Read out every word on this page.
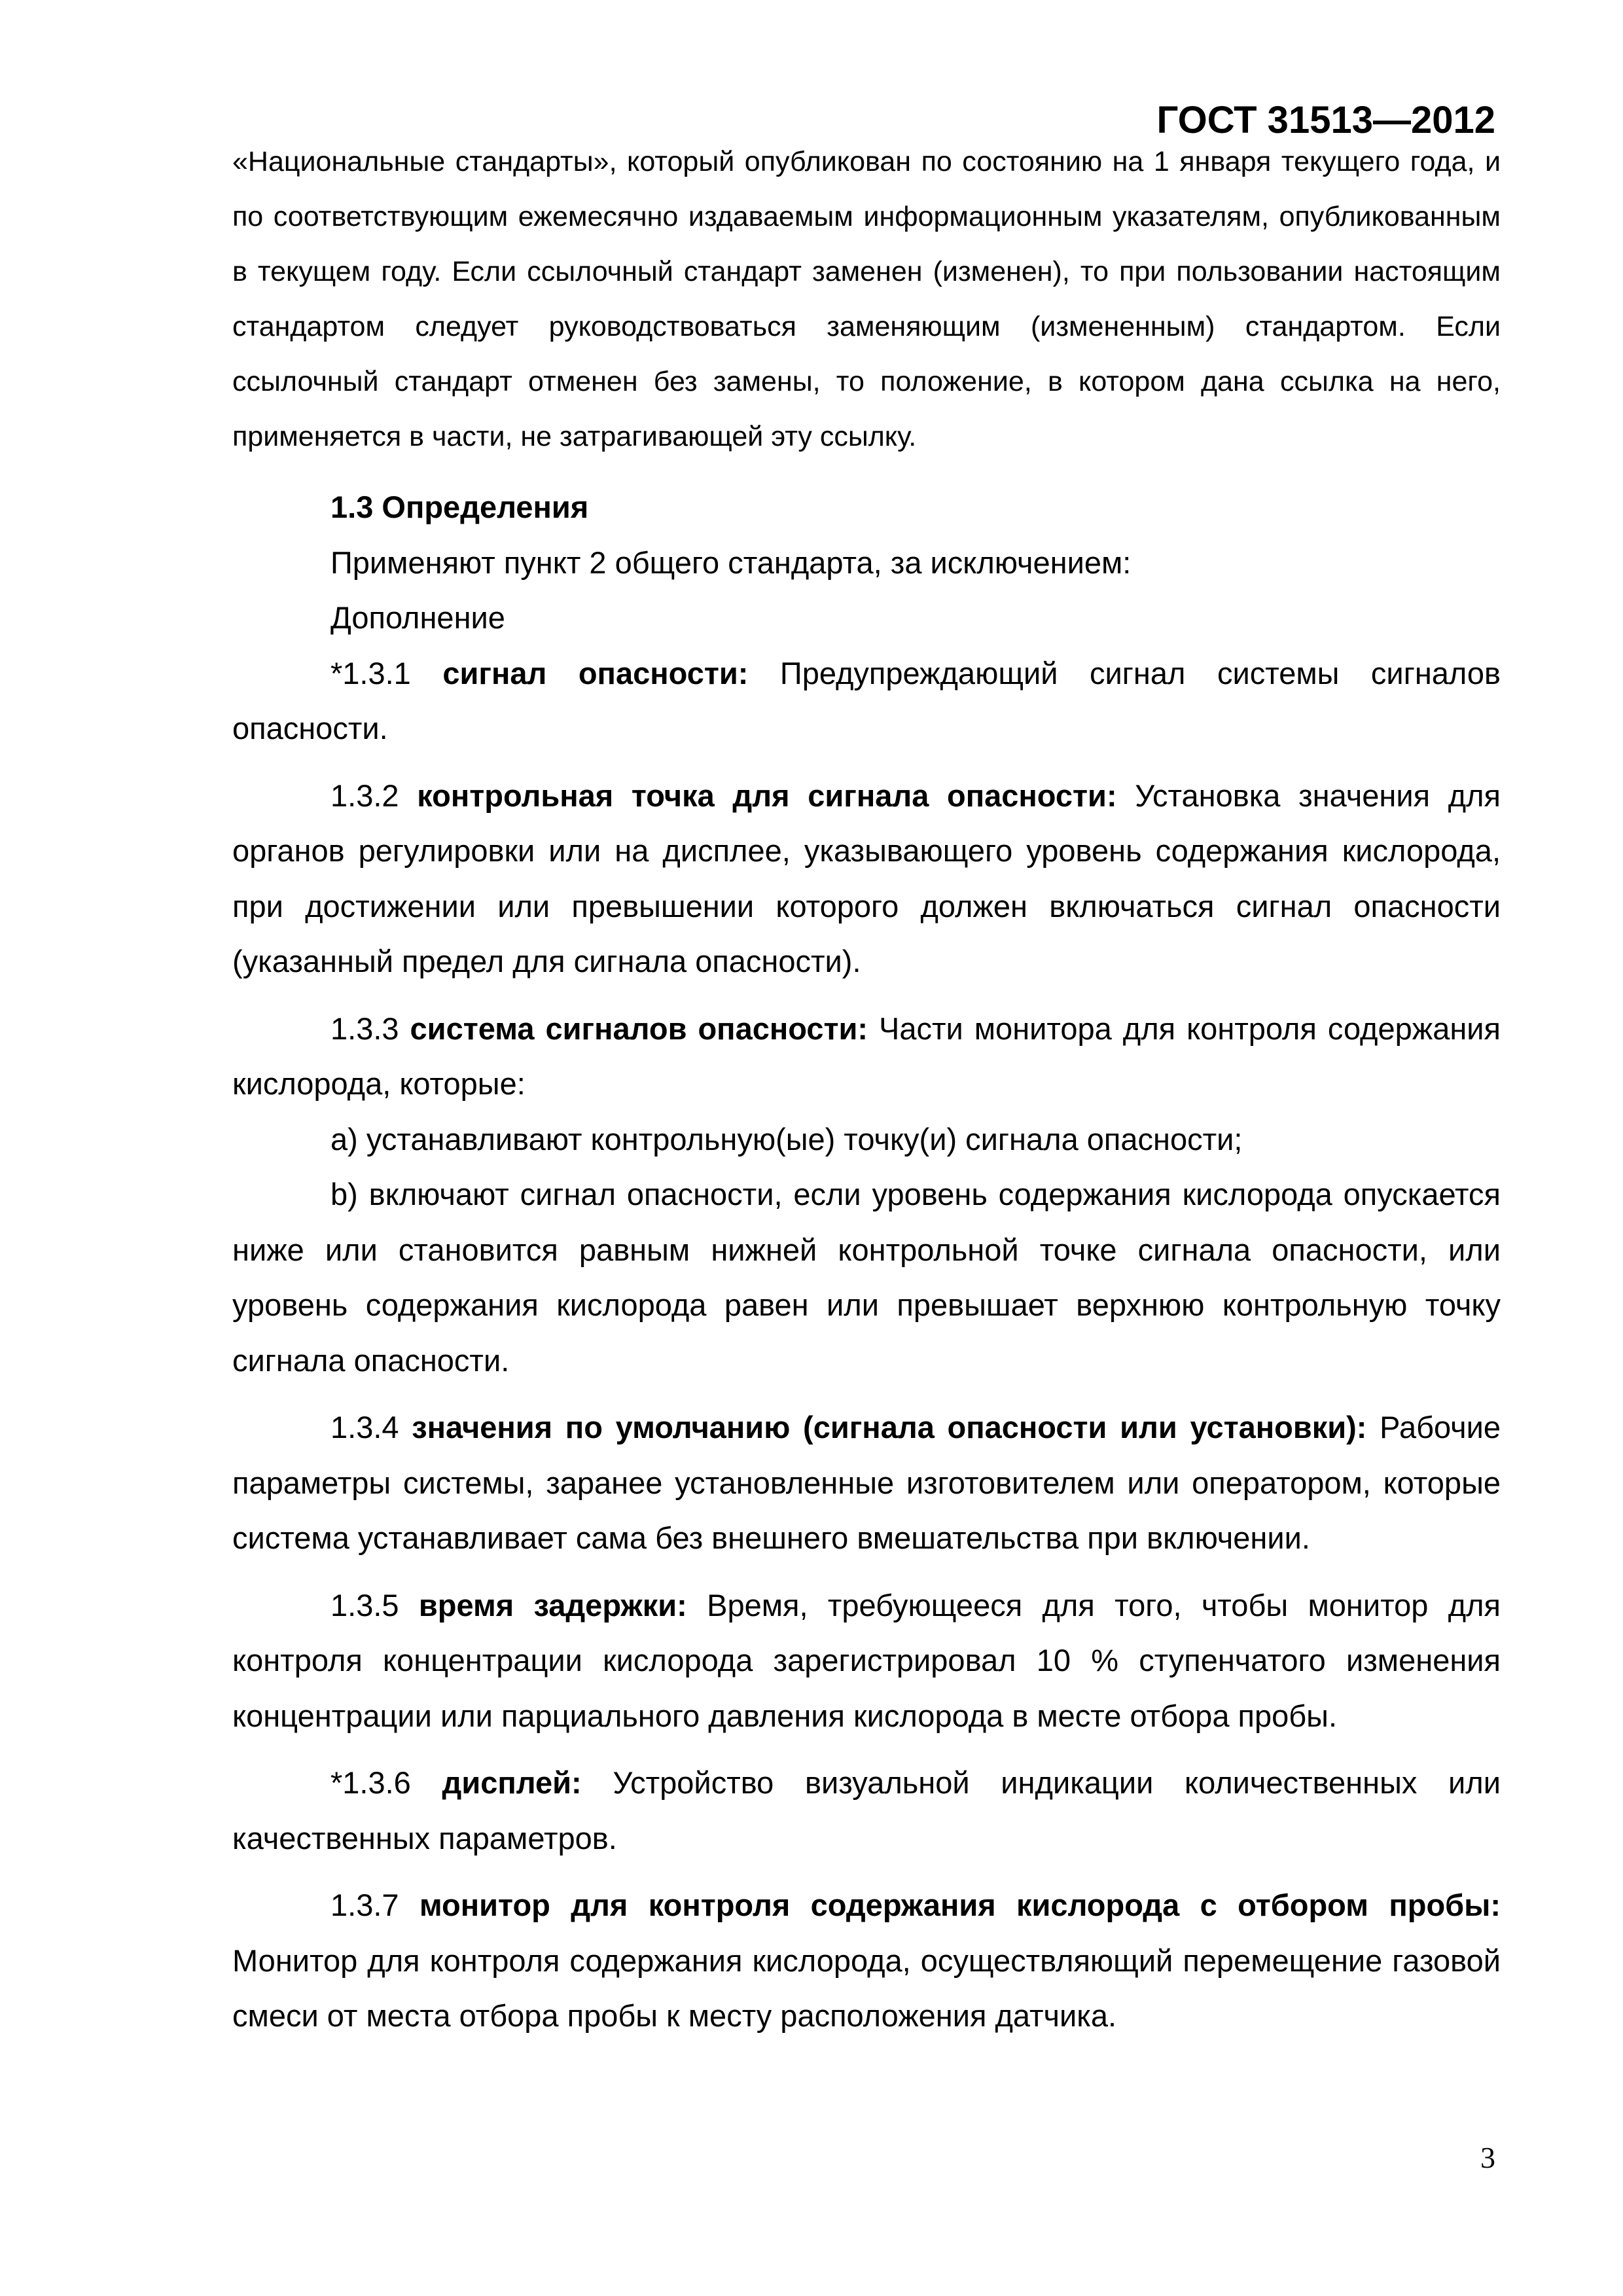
ГОСТ 31513—2012

«Национальные стандарты», который опубликован по состоянию на 1 января текущего года, и по соответствующим ежемесячно издаваемым информационным указателям, опубликованным в текущем году. Если ссылочный стандарт заменен (изменен), то при пользовании настоящим стандартом следует руководствоваться заменяющим (измененным) стандартом. Если ссылочный стандарт отменен без замены, то положение, в котором дана ссылка на него, применяется в части, не затрагивающей эту ссылку.

1.3 Определения

Применяют пункт 2 общего стандарта, за исключением:

Дополнение

*1.3.1 сигнал опасности: Предупреждающий сигнал системы сигналов опасности.

1.3.2 контрольная точка для сигнала опасности: Установка значения для органов регулировки или на дисплее, указывающего уровень содержания кислорода, при достижении или превышении которого должен включаться сигнал опасности (указанный предел для сигнала опасности).

1.3.3 система сигналов опасности: Части монитора для контроля содержания кислорода, которые:

а) устанавливают контрольную(ые) точку(и) сигнала опасности;

b) включают сигнал опасности, если уровень содержания кислорода опускается ниже или становится равным нижней контрольной точке сигнала опасности, или уровень содержания кислорода равен или превышает верхнюю контрольную точку сигнала опасности.

1.3.4 значения по умолчанию (сигнала опасности или установки): Рабочие параметры системы, заранее установленные изготовителем или оператором, которые система устанавливает сама без внешнего вмешательства при включении.

1.3.5 время задержки: Время, требующееся для того, чтобы монитор для контроля концентрации кислорода зарегистрировал 10 % ступенчатого изменения концентрации или парциального давления кислорода в месте отбора пробы.

*1.3.6 дисплей: Устройство визуальной индикации количественных или качественных параметров.

1.3.7 монитор для контроля содержания кислорода с отбором пробы: Монитор для контроля содержания кислорода, осуществляющий перемещение газовой смеси от места отбора пробы к месту расположения датчика.

3
